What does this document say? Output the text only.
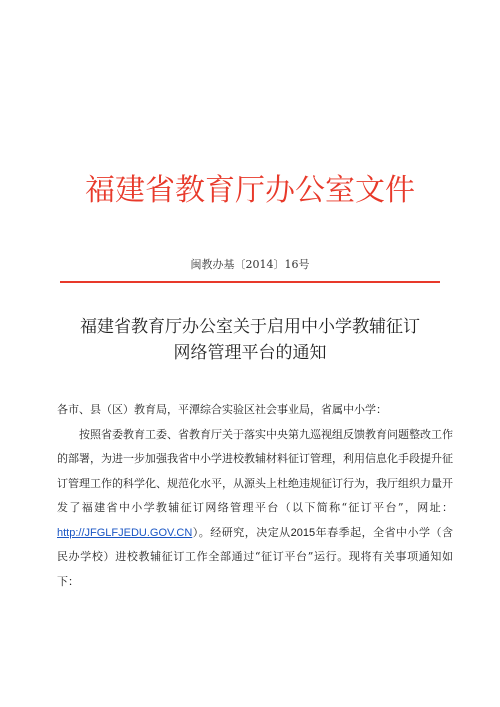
福建省教育厅办公室文件
闽教办基〔2014〕16号
福建省教育厅办公室关于启用中小学教辅征订
网络管理平台的通知

各市、县（区）教育局，平潭综合实验区社会事业局，省属中小学：

按照省委教育工委、省教育厅关于落实中央第九巡视组反馈教育问题整改工作的部署，为进一步加强我省中小学进校教辅材料征订管理，利用信息化手段提升征订管理工作的科学化、规范化水平，从源头上杜绝违规征订行为，我厅组织力量开发了福建省中小学教辅征订网络管理平台（以下简称“征订平台”，网址：http://JFGLFJEDU.GOV.CN）。经研究，决定从2015年春季起，全省中小学（含民办学校）进校教辅征订工作全部通过“征订平台”运行。现将有关事项通知如下：
